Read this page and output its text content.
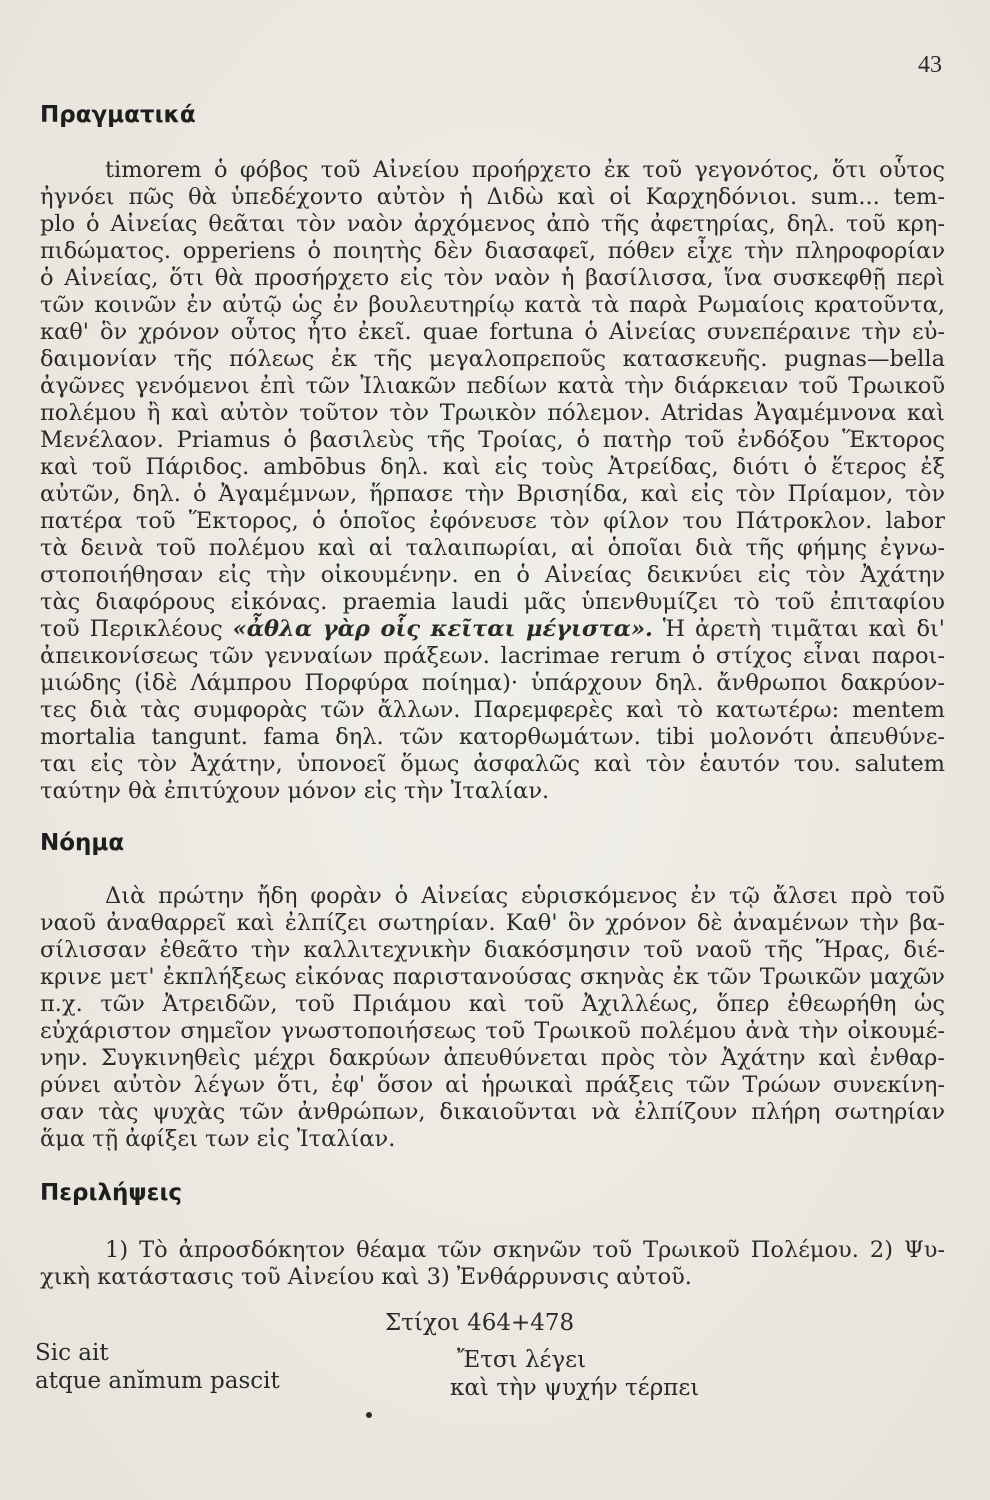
43
Πραγματικά
timorem ὁ φόβος τοῦ Αἰνείου προήρχετο ἐκ τοῦ γεγονότος, ὅτι οὗτος
ἠγνόει πῶς θὰ ὑπεδέχοντο αὐτὸν ἡ Διδὼ καὶ οἱ Καρχηδόνιοι. sum... tem-
plo ὁ Αἰνείας θεᾶται τὸν ναὸν ἀρχόμενος ἀπὸ τῆς ἀφετηρίας, δηλ. τοῦ κρη-
πιδώματος. opperiens ὁ ποιητὴς δὲν διασαφεῖ, πόθεν εἶχε τὴν πληροφορίαν
ὁ Αἰνείας, ὅτι θὰ προσήρχετο εἰς τὸν ναὸν ἡ βασίλισσα, ἵνα συσκεφθῇ περὶ
τῶν κοινῶν ἐν αὐτῷ ὡς ἐν βουλευτηρίῳ κατὰ τὰ παρὰ Ρωμαίοις κρατοῦντα,
καθ' ὃν χρόνον οὗτος ἦτο ἐκεῖ. quae fortuna ὁ Αἰνείας συνεπέραινε τὴν εὐ-
δαιμονίαν τῆς πόλεως ἐκ τῆς μεγαλοπρεποῦς κατασκευῆς. pugnas—bella
ἀγῶνες γενόμενοι ἐπὶ τῶν Ἰλιακῶν πεδίων κατὰ τὴν διάρκειαν τοῦ Τρωικοῦ
πολέμου ἢ καὶ αὐτὸν τοῦτον τὸν Τρωικὸν πόλεμον. Atridas Ἀγαμέμνονα καὶ
Μενέλαον. Priamus ὁ βασιλεὺς τῆς Τροίας, ὁ πατὴρ τοῦ ἐνδόξου Ἕκτορος
καὶ τοῦ Πάριδος. ambōbus δηλ. καὶ εἰς τοὺς Ἀτρείδας, διότι ὁ ἕτερος ἐξ
αὐτῶν, δηλ. ὁ Ἀγαμέμνων, ἥρπασε τὴν Βρισηίδα, καὶ εἰς τὸν Πρίαμον, τὸν
πατέρα τοῦ Ἕκτορος, ὁ ὁποῖος ἐφόνευσε τὸν φίλον του Πάτροκλον. labor
τὰ δεινὰ τοῦ πολέμου καὶ αἱ ταλαιπωρίαι, αἱ ὁποῖαι διὰ τῆς φήμης ἐγνω-
στοποιήθησαν εἰς τὴν οἰκουμένην. en ὁ Αἰνείας δεικνύει εἰς τὸν Ἀχάτην
τὰς διαφόρους εἰκόνας. praemia laudi μᾶς ὑπενθυμίζει τὸ τοῦ ἐπιταφίου
τοῦ Περικλέους «ἆθλα γὰρ οἷς κεῖται μέγιστα». Ἡ ἀρετὴ τιμᾶται καὶ δι'
ἀπεικονίσεως τῶν γενναίων πράξεων. lacrimae rerum ὁ στίχος εἶναι παροι-
μιώδης (ἰδὲ Λάμπρου Πορφύρα ποίημα)· ὑπάρχουν δηλ. ἄνθρωποι δακρύον-
τες διὰ τὰς συμφορὰς τῶν ἄλλων. Παρεμφερὲς καὶ τὸ κατωτέρω: mentem
mortalia tangunt. fama δηλ. τῶν κατορθωμάτων. tibi μολονότι ἀπευθύνε-
ται εἰς τὸν Ἀχάτην, ὑπονοεῖ ὅμως ἀσφαλῶς καὶ τὸν ἑαυτόν του. salutem
ταύτην θὰ ἐπιτύχουν μόνον εἰς τὴν Ἰταλίαν.
Νόημα
Διὰ πρώτην ἤδη φορὰν ὁ Αἰνείας εὑρισκόμενος ἐν τῷ ἄλσει πρὸ τοῦ
ναοῦ ἀναθαρρεῖ καὶ ἐλπίζει σωτηρίαν. Καθ' ὃν χρόνον δὲ ἀναμένων τὴν βα-
σίλισσαν ἐθεᾶτο τὴν καλλιτεχνικὴν διακόσμησιν τοῦ ναοῦ τῆς Ἥρας, διέ-
κρινε μετ' ἐκπλήξεως εἰκόνας παριστανούσας σκηνὰς ἐκ τῶν Τρωικῶν μαχῶν
π.χ. τῶν Ἀτρειδῶν, τοῦ Πριάμου καὶ τοῦ Ἀχιλλέως, ὅπερ ἐθεωρήθη ὡς
εὐχάριστον σημεῖον γνωστοποιήσεως τοῦ Τρωικοῦ πολέμου ἀνὰ τὴν οἰκουμέ-
νην. Συγκινηθεὶς μέχρι δακρύων ἀπευθύνεται πρὸς τὸν Ἀχάτην καὶ ἐνθαρ-
ρύνει αὐτὸν λέγων ὅτι, ἐφ' ὅσον αἱ ἡρωικαὶ πράξεις τῶν Τρώων συνεκίνη-
σαν τὰς ψυχὰς τῶν ἀνθρώπων, δικαιοῦνται νὰ ἐλπίζουν πλήρη σωτηρίαν
ἅμα τῇ ἀφίξει των εἰς Ἰταλίαν.
Περιλήψεις
1) Τὸ ἀπροσδόκητον θέαμα τῶν σκηνῶν τοῦ Τρωικοῦ Πολέμου. 2) Ψυ-
χικὴ κατάστασις τοῦ Αἰνείου καὶ 3) Ἐνθάρρυνσις αὐτοῦ.
Στίχοι 464+478
Sic ait	Ἔτσι λέγει
atque anĭmum pascit	καὶ τὴν ψυχήν τέρπει
